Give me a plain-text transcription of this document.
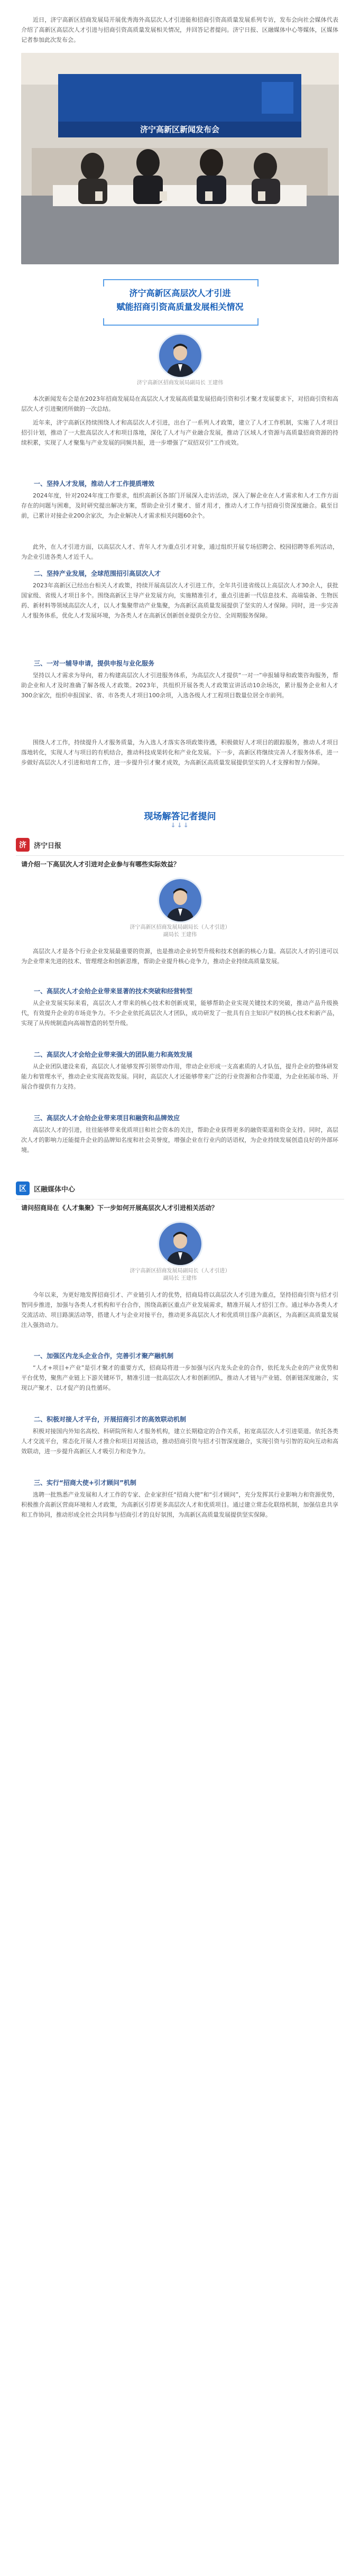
近日，济宁高新区招商发展局开展优秀海外高层次人才引进能和招商引资高质量发展系列专访，发布会向社会媒体代表介绍了高新区高层次人才引进与招商引资高质量发展相关情况，并回答记者提问。济宁日报、区融媒体中心等媒体，区媒体记者参加此次发布会。

济宁高新区新闻发布会

济宁高新区高层次人才引进

赋能招商引资高质量发展相关情况

济宁高新区招商发展局副局长 王建伟

本次新闻发布会是在2023年招商发展局在高层次人才发展高质量发展招商引资和引才聚才发展要求下，对招商引资和高层次人才引进聚团所做的一次总结。

近年来，济宁高新区持续围绕人才和高层次人才引进，出台了一系列人才政策，建立了人才工作机制，实施了人才项目招引计划，推动了一大批高层次人才和项目落地，深化了人才与产业融合发展，推动了区域人才资源与高质量招商资源的持续积累，实现了人才聚集与产业发展的同频共振，进一步增强了“双招双引”工作成效。

一、坚持人才发展，推动人才工作提质增效

2024年度，针对2024年度工作要求，组织高新区各部门开展深入走访活动，深入了解企业在人才需求和人才工作方面存在的问题与困难，及时研究提出解决方案，帮助企业引才聚才、留才用才，推动人才工作与招商引资深度融合。截至目前，已累计对接企业200余家次，为企业解决人才需求相关问题60余个。

此外，在人才引进方面，以高层次人才、青年人才为重点引才对象，通过组织开展专场招聘会、校园招聘等系列活动，为企业引进各类人才近千人。

二、坚持产业发展，全球范围招引高层次人才

2023年高新区已经出台相关人才政策，持续开展高层次人才引进工作，全年共引进省级以上高层次人才30余人，获批国家级、省级人才项目多个。围绕高新区主导产业发展方向，实施精准引才，重点引进新一代信息技术、高端装备、生物医药、新材料等领域高层次人才，以人才集聚带动产业集聚，为高新区高质量发展提供了坚实的人才保障。同时，进一步完善人才服务体系，优化人才发展环境，为各类人才在高新区创新创业提供全方位、全周期服务保障。

三、一对一辅导申请，提供申报与业化服务

坚持以人才需求为导向，着力构建高层次人才引进服务体系，为高层次人才提供“一对一”申报辅导和政策咨询服务，帮助企业和人才及时准确了解各级人才政策。2023年，共组织开展各类人才政策宣讲活动10余场次，累计服务企业和人才300余家次，组织申报国家、省、市各类人才项目100余项，入选各级人才工程项目数量位居全市前列。

围绕人才工作，持续提升人才服务质量，为入选人才落实各项政策待遇，积极做好人才项目的跟踪服务，推动人才项目落地转化，实现人才与项目的有机结合，推动科技成果转化和产业化发展。下一步，高新区将继续完善人才服务体系，进一步做好高层次人才引进和培育工作，进一步提升引才聚才成效，为高新区高质量发展提供坚实的人才支撑和智力保障。

现场解答记者提问
↓↓↓
济	济宁日报
请介绍一下高层次人才引进对企业参与有哪些实际效益？
济宁高新区招商发展局副局长（人才引进）
副局长 王建伟

高层次人才是各个行业企业发展最重要的资源，也是推动企业转型升级和技术创新的核心力量。高层次人才的引进可以为企业带来先进的技术、管理理念和创新思维，帮助企业提升核心竞争力，推动企业持续高质量发展。

一、高层次人才会给企业带来显著的技术突破和经营转型

从企业发展实际来看，高层次人才带来的核心技术和创新成果，能够帮助企业实现关键技术的突破，推动产品升级换代，有效提升企业的市场竞争力。不少企业依托高层次人才团队，成功研发了一批具有自主知识产权的核心技术和新产品，实现了从传统制造向高端智造的转型升级。

二、高层次人才会给企业带来强大的团队能力和高效发展

从企业团队建设来看，高层次人才能够发挥引领带动作用，带动企业形成一支高素质的人才队伍，提升企业的整体研发能力和管理水平，推动企业实现高效发展。同时，高层次人才还能够带来广泛的行业资源和合作渠道，为企业拓展市场、开展合作提供有力支持。

三、高层次人才会给企业带来项目和融资和品牌效应

高层次人才的引进，往往能够带来优质项目和社会资本的关注，帮助企业获得更多的融资渠道和资金支持。同时，高层次人才的影响力还能提升企业的品牌知名度和社会美誉度，增强企业在行业内的话语权，为企业持续发展创造良好的外部环境。

区	区融媒体中心
请问招商局在《人才集聚》下一步如何开展高层次人才引进相关活动？
济宁高新区招商发展局副局长（人才引进）
副局长 王建伟

今年以来，为更好地发挥招商引才、产业链引人才的优势，招商局将以高层次人才引进为重点，坚持招商引资与招才引智同步推进，加强与各类人才机构和平台合作，围绕高新区重点产业发展需求，精准开展人才招引工作。通过举办各类人才交流活动、项目路演活动等，搭建人才与企业对接平台，推动更多高层次人才和优质项目落户高新区，为高新区高质量发展注入强劲动力。

一、加强区内龙头企业合作，完善引才聚产融机制

“人才+项目+产业”是引才聚才的重要方式，招商局将进一步加强与区内龙头企业的合作，依托龙头企业的产业优势和平台优势，聚焦产业链上下游关键环节，精准引进一批高层次人才和创新团队，推动人才链与产业链、创新链深度融合，实现以产聚才、以才促产的良性循环。

二、积极对接人才平台，开展招商引才的高效联动机制

积极对接国内外知名高校、科研院所和人才服务机构，建立长期稳定的合作关系，拓宽高层次人才引进渠道。依托各类人才交流平台，常态化开展人才推介和项目对接活动，推动招商引资与招才引智深度融合，实现引资与引智的双向互动和高效联动，进一步提升高新区人才吸引力和竞争力。

三、实行“招商大使+引才顾问”机制

选聘一批熟悉产业发展和人才工作的专家、企业家担任“招商大使”和“引才顾问”，充分发挥其行业影响力和资源优势，积极推介高新区营商环境和人才政策，为高新区引荐更多高层次人才和优质项目。通过建立常态化联络机制，加强信息共享和工作协同，推动形成全社会共同参与招商引才的良好氛围，为高新区高质量发展提供坚实保障。
